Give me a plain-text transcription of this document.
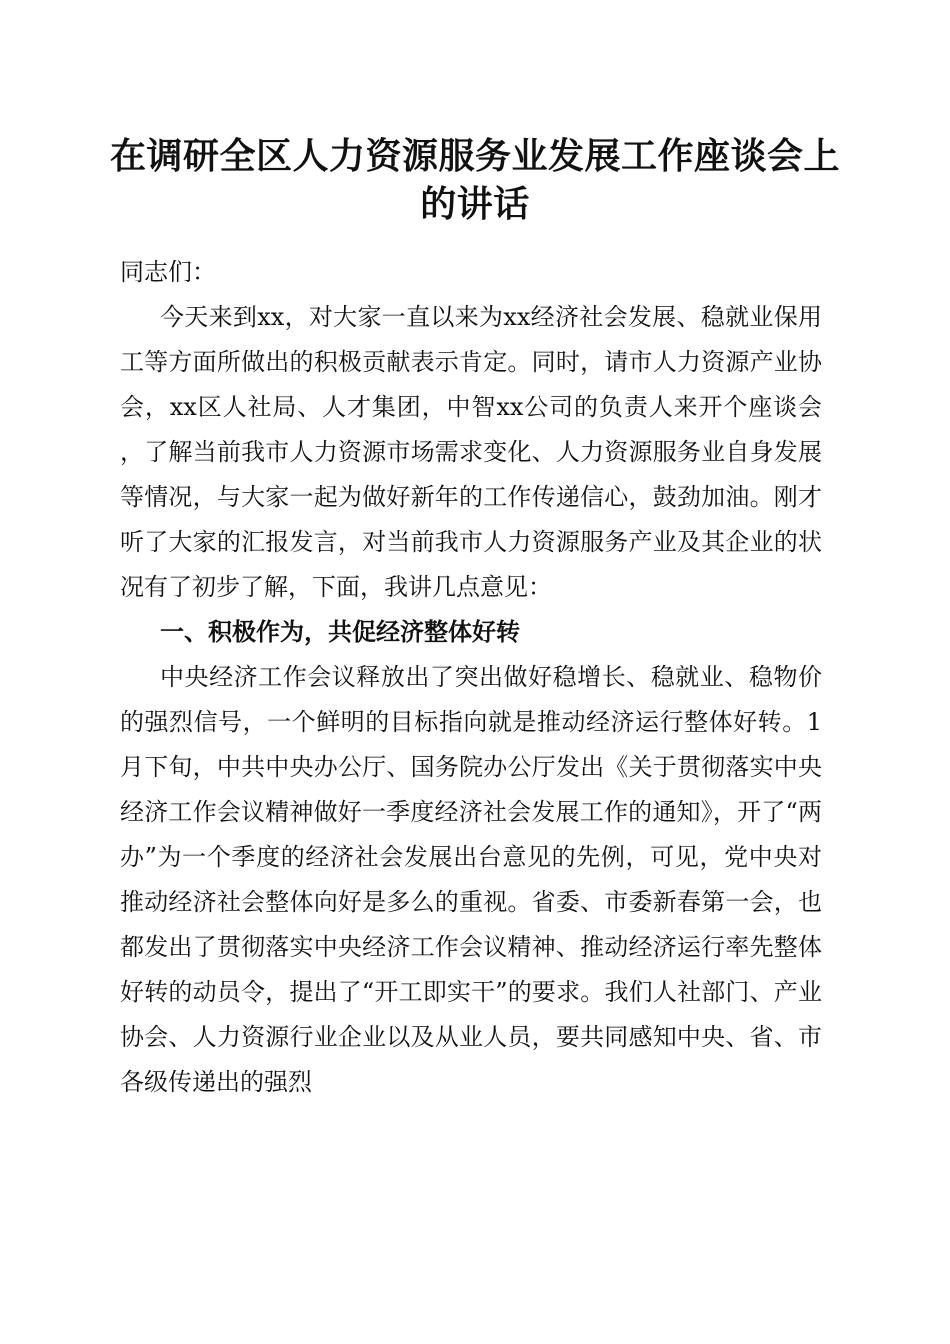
在调研全区人力资源服务业发展工作座谈会上
的讲话

同志们：

今天来到xx，对大家一直以来为xx经济社会发展、稳就业保用工等方面所做出的积极贡献表示肯定。同时，请市人力资源产业协会，xx区人社局、人才集团，中智xx公司的负责人来开个座谈会，了解当前我市人力资源市场需求变化、人力资源服务业自身发展等情况，与大家一起为做好新年的工作传递信心，鼓劲加油。刚才听了大家的汇报发言，对当前我市人力资源服务产业及其企业的状况有了初步了解，下面，我讲几点意见：

一、积极作为，共促经济整体好转

中央经济工作会议释放出了突出做好稳增长、稳就业、稳物价的强烈信号，一个鲜明的目标指向就是推动经济运行整体好转。1月下旬，中共中央办公厅、国务院办公厅发出《关于贯彻落实中央经济工作会议精神做好一季度经济社会发展工作的通知》，开了“两办”为一个季度的经济社会发展出台意见的先例，可见，党中央对推动经济社会整体向好是多么的重视。省委、市委新春第一会，也都发出了贯彻落实中央经济工作会议精神、推动经济运行率先整体好转的动员令，提出了“开工即实干”的要求。我们人社部门、产业协会、人力资源行业企业以及从业人员，要共同感知中央、省、市各级传递出的强烈
